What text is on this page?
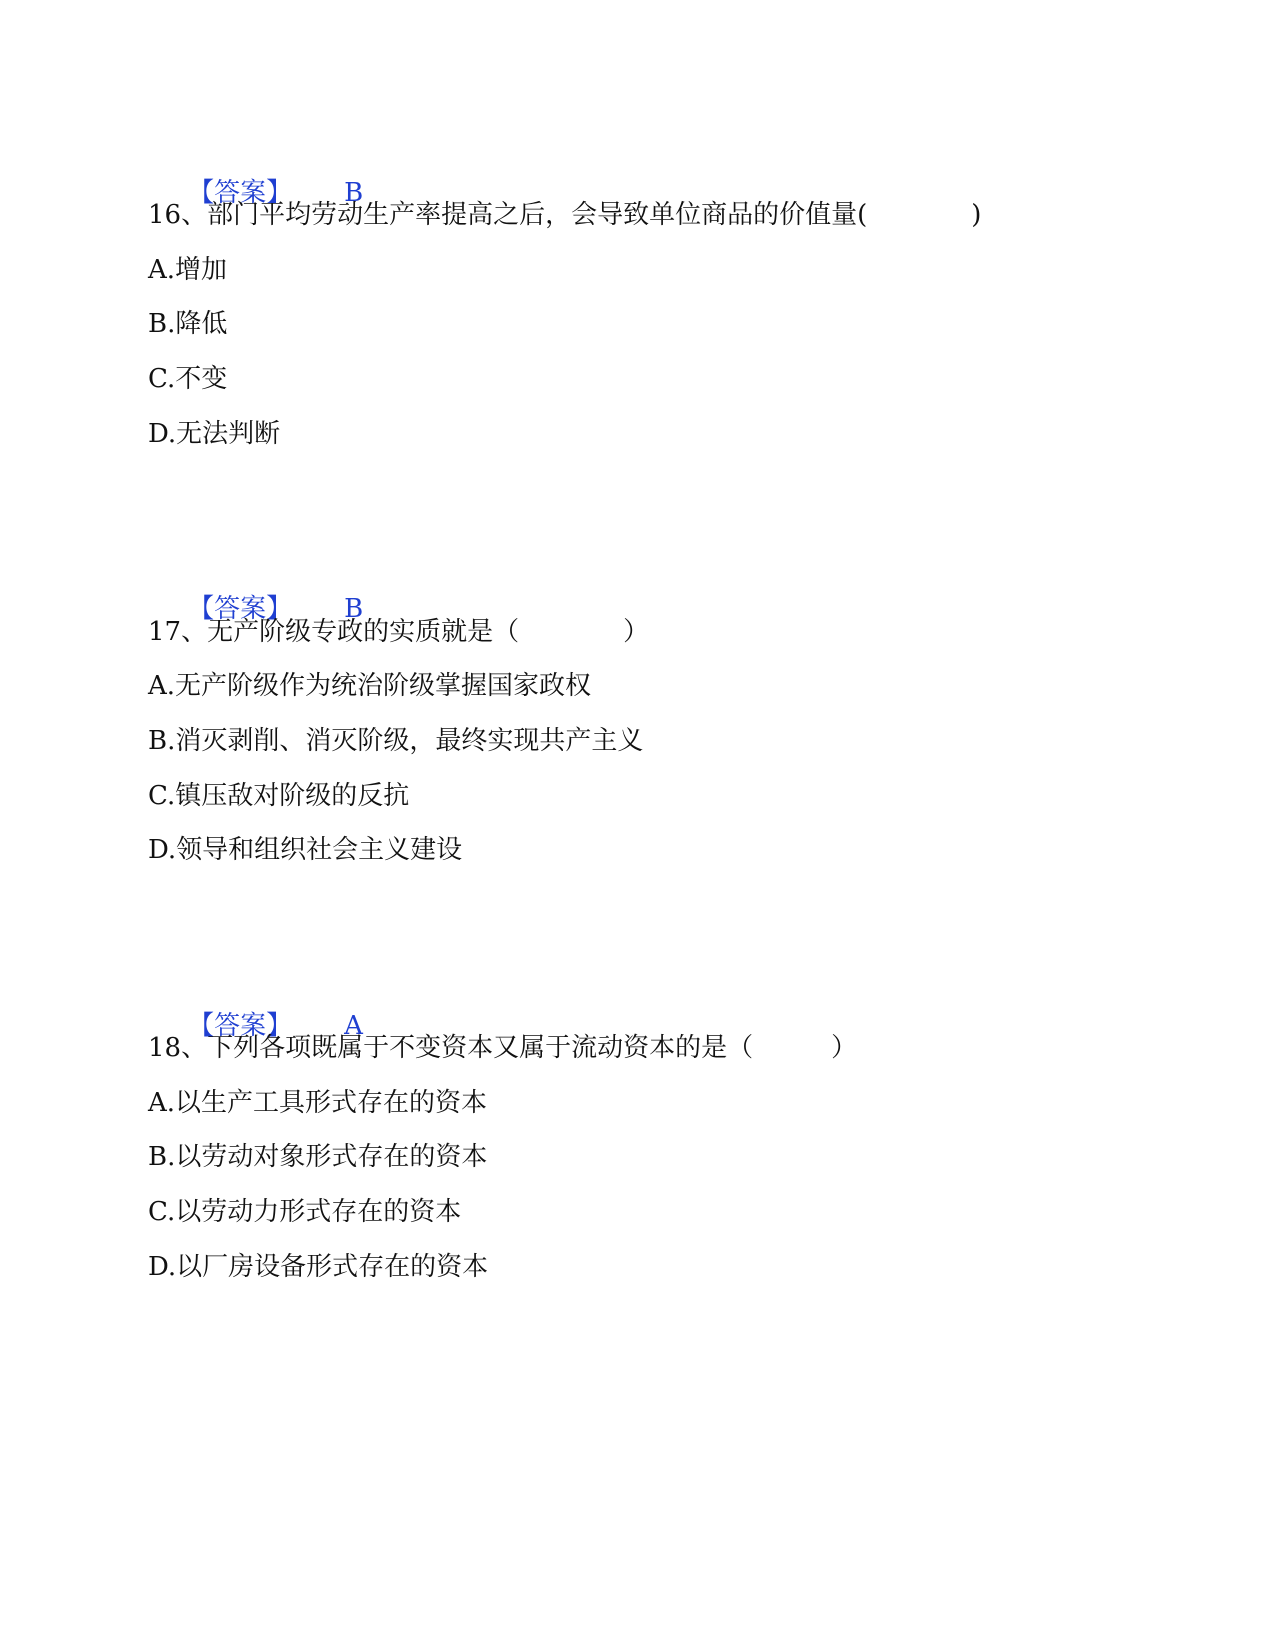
【答案】 B

16、部门平均劳动生产率提高之后，会导致单位商品的价值量(　　　　)
A.增加
B.降低
C.不变
D.无法判断

【答案】 B

17、无产阶级专政的实质就是（　　　　）
A.无产阶级作为统治阶级掌握国家政权
B.消灭剥削、消灭阶级，最终实现共产主义
C.镇压敌对阶级的反抗
D.领导和组织社会主义建设

【答案】 A

18、下列各项既属于不变资本又属于流动资本的是（　　　）
A.以生产工具形式存在的资本
B.以劳动对象形式存在的资本
C.以劳动力形式存在的资本
D.以厂房设备形式存在的资本
